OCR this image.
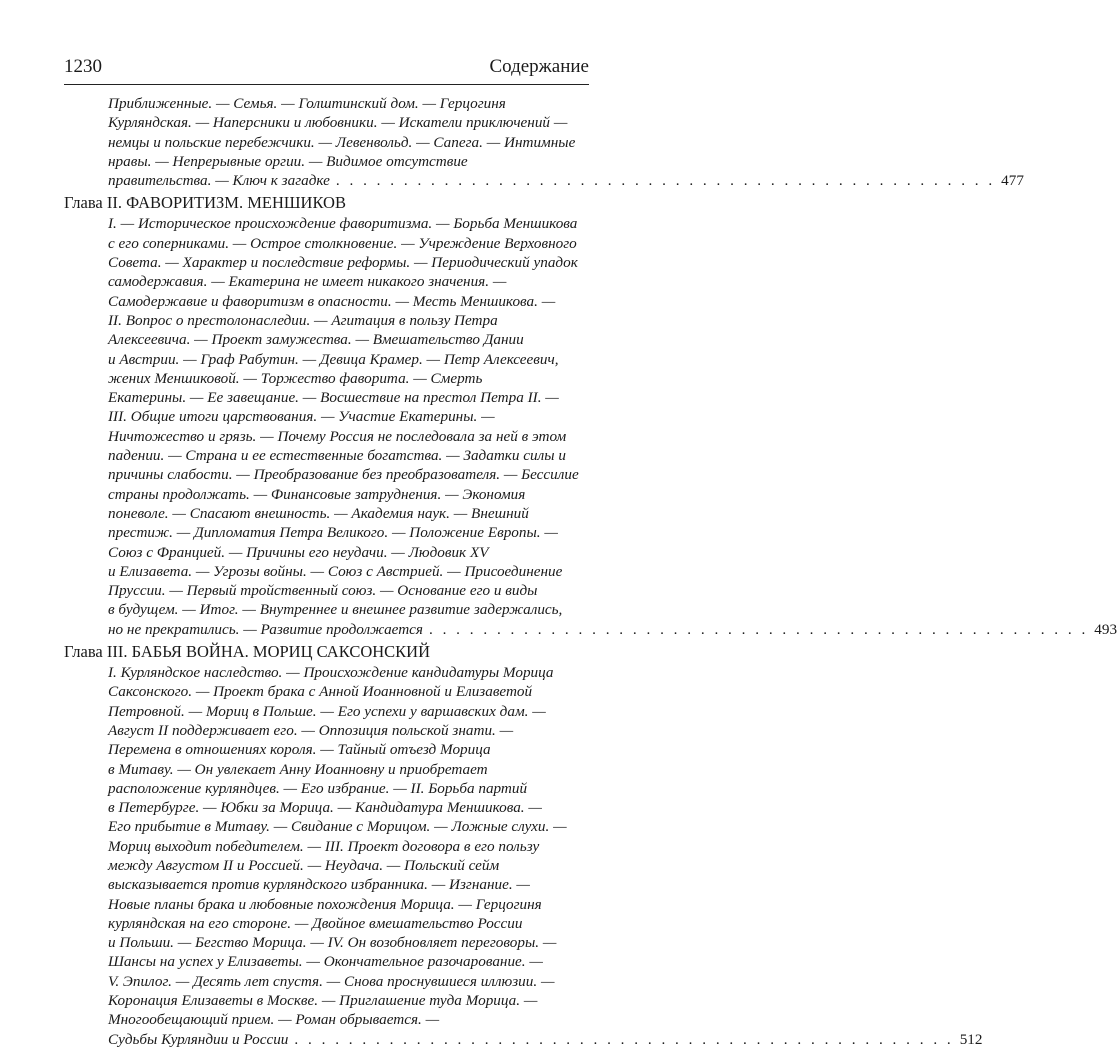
1230	Содержание
Приближенные. — Семья. — Голштинский дом. — Герцогиня
Курляндская. — Наперсники и любовники. — Искатели приключений —
немцы и польские перебежчики. — Левенвольд. — Сапега. — Интимные
нравы. — Непрерывные оргии. — Видимое отсутствие
правительства. — Ключ к загадке . . . . . . . . . . . . . . . . . . . . . . . . . . . . . . . . . . . . . . . . . . . . . . . . . 477
Глава II. ФАВОРИТИЗМ. МЕНШИКОВ
I. — Историческое происхождение фаворитизма. — Борьба Меншикова
с его соперниками. — Острое столкновение. — Учреждение Верховного
Совета. — Характер и последствие реформы. — Периодический упадок
самодержавия. — Екатерина не имеет никакого значения. —
Самодержавие и фаворитизм в опасности. — Месть Меншикова. —
II. Вопрос о престолонаследии. — Агитация в пользу Петра
Алексеевича. — Проект замужества. — Вмешательство Дании
и Австрии. — Граф Рабутин. — Девица Крамер. — Петр Алексеевич,
жених Меншиковой. — Торжество фаворита. — Смерть
Екатерины. — Ее завещание. — Восшествие на престол Петра II. —
III. Общие итоги царствования. — Участие Екатерины. —
Ничтожество и грязь. — Почему Россия не последовала за ней в этом
падении. — Страна и ее естественные богатства. — Задатки силы и
причины слабости. — Преобразование без преобразователя. — Бессилие
страны продолжать. — Финансовые затруднения. — Экономия
поневоле. — Спасают внешность. — Академия наук. — Внешний
престиж. — Дипломатия Петра Великого. — Положение Европы. —
Союз с Францией. — Причины его неудачи. — Людовик XV
и Елизавета. — Угрозы войны. — Союз с Австрией. — Присоединение
Пруссии. — Первый тройственный союз. — Основание его и виды
в будущем. — Итог. — Внутреннее и внешнее развитие задержались,
но не прекратились. — Развитие продолжается . . . . . . . . . . . . . . . . . . . . . . . . . . . . . . . . . . . . . . . . . . . . . . . . . 493
Глава III. БАБЬЯ ВОЙНА. МОРИЦ САКСОНСКИЙ
I. Курляндское наследство. — Происхождение кандидатуры Морица
Саксонского. — Проект брака с Анной Иоанновной и Елизаветой
Петровной. — Мориц в Польше. — Его успехи у варшавских дам. —
Август II поддерживает его. — Оппозиция польской знати. —
Перемена в отношениях короля. — Тайный отъезд Морица
в Митаву. — Он увлекает Анну Иоанновну и приобретает
расположение курляндцев. — Его избрание. — II. Борьба партий
в Петербурге. — Юбки за Морица. — Кандидатура Меншикова. —
Его прибытие в Митаву. — Свидание с Морицом. — Ложные слухи. —
Мориц выходит победителем. — III. Проект договора в его пользу
между Августом II и Россией. — Неудача. — Польский сейм
высказывается против курляндского избранника. — Изгнание. —
Новые планы брака и любовные похождения Морица. — Герцогиня
курляндская на его стороне. — Двойное вмешательство России
и Польши. — Бегство Морица. — IV. Он возобновляет переговоры. —
Шансы на успех у Елизаветы. — Окончательное разочарование. —
V. Эпилог. — Десять лет спустя. — Снова проснувшиеся иллюзии. —
Коронация Елизаветы в Москве. — Приглашение туда Морица. —
Многообещающий прием. — Роман обрывается. —
Судьбы Курляндии и России . . . . . . . . . . . . . . . . . . . . . . . . . . . . . . . . . . . . . . . . . . . . . . . . . 512
